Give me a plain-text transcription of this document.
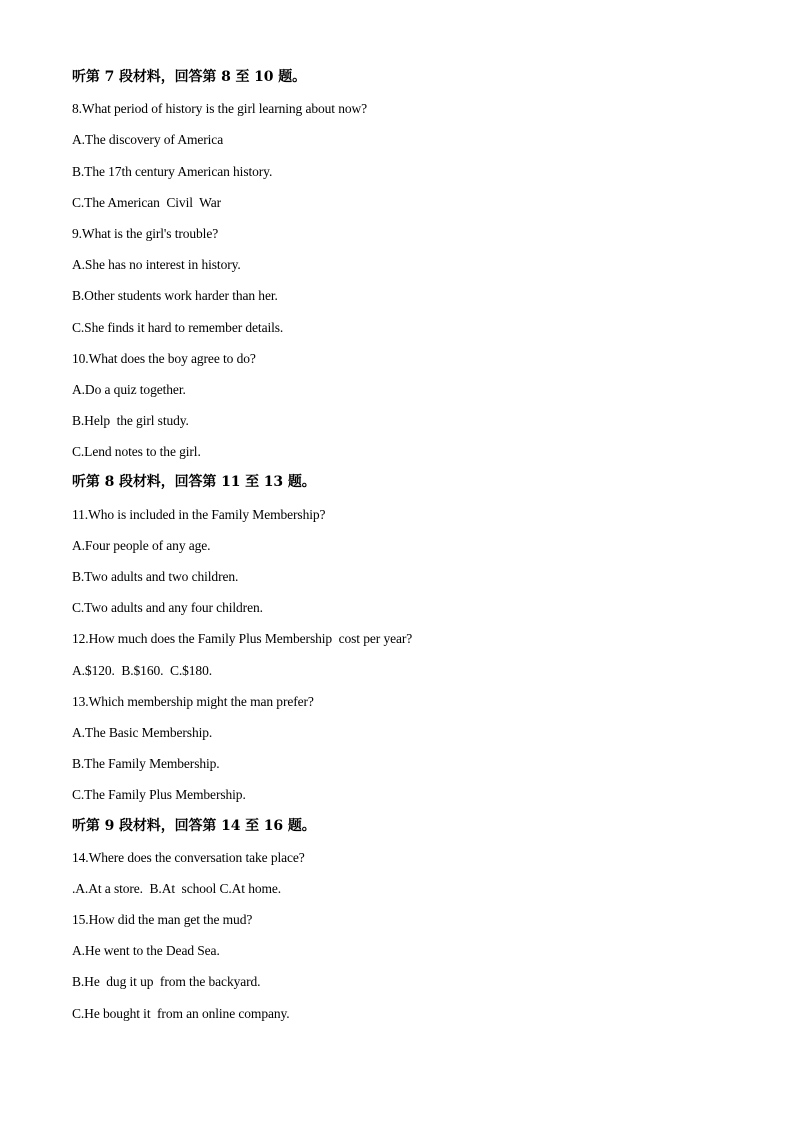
听第 7 段材料，回答第 8 至 10 题。
8.What period of history is the girl learning about now?
A.The discovery of America
B.The 17th century American history.
C.The American  Civil  War
9.What is the girl's trouble?
A.She has no interest in history.
B.Other students work harder than her.
C.She finds it hard to remember details.
10.What does the boy agree to do?
A.Do a quiz together.
B.Help  the girl study.
C.Lend notes to the girl.
听第 8 段材料，回答第 11 至 13 题。
11.Who is included in the Family Membership?
A.Four people of any age.
B.Two adults and two children.
C.Two adults and any four children.
12.How much does the Family Plus Membership  cost per year?
A.$120.  B.$160.  C.$180.
13.Which membership might the man prefer?
A.The Basic Membership.
B.The Family Membership.
C.The Family Plus Membership.
听第 9 段材料，回答第 14 至 16 题。
14.Where does the conversation take place?
.A.At a store.  B.At  school C.At home.
15.How did the man get the mud?
A.He went to the Dead Sea.
B.He  dug it up  from the backyard.
C.He bought it  from an online company.
